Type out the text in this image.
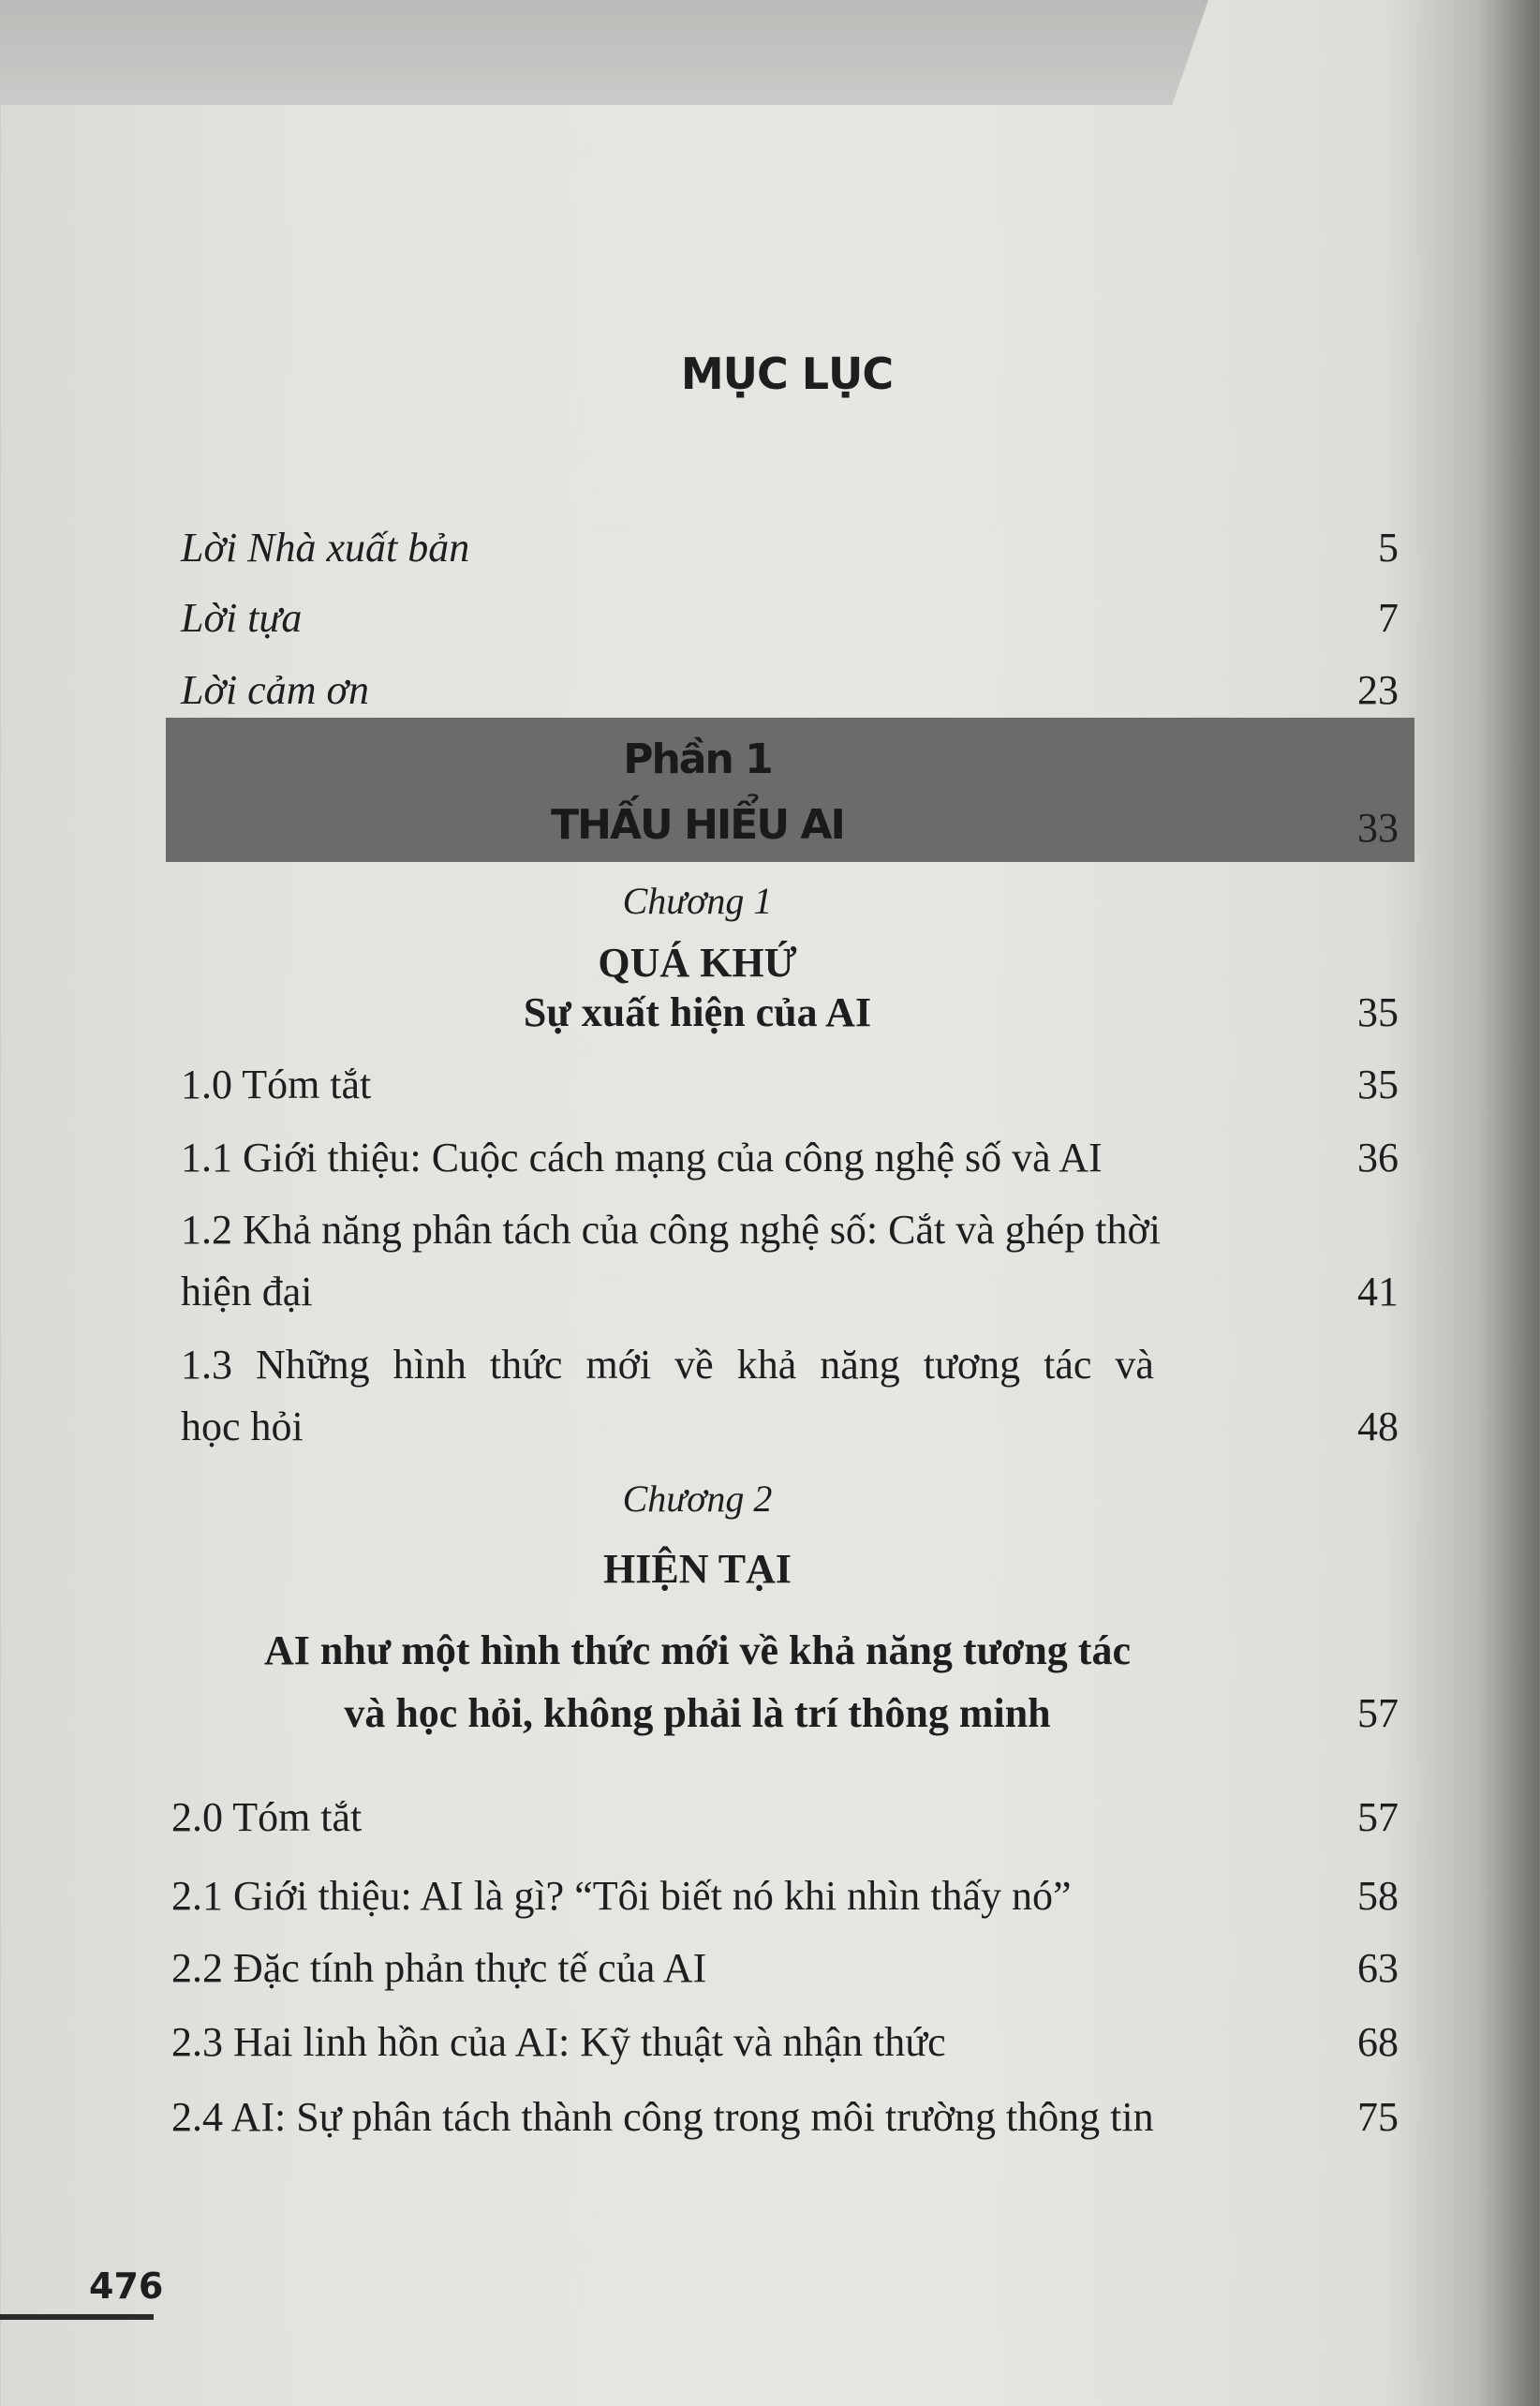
MỤC LỤC
Lời Nhà xuất bản	5
Lời tựa	7
Lời cảm ơn	23
Phần 1
THẤU HIỂU AI	33
Chương 1
QUÁ KHỨ
Sự xuất hiện của AI	35
1.0 Tóm tắt	35
1.1 Giới thiệu: Cuộc cách mạng của công nghệ số và AI	36
1.2 Khả năng phân tách của công nghệ số: Cắt và ghép thời
hiện đại	41
1.3 Những hình thức mới về khả năng tương tác và
học hỏi	48
Chương 2
HIỆN TẠI
AI như một hình thức mới về khả năng tương tác
và học hỏi, không phải là trí thông minh	57
2.0 Tóm tắt	57
2.1 Giới thiệu: AI là gì? “Tôi biết nó khi nhìn thấy nó”	58
2.2 Đặc tính phản thực tế của AI	63
2.3 Hai linh hồn của AI: Kỹ thuật và nhận thức	68
2.4 AI: Sự phân tách thành công trong môi trường thông tin	75
476
